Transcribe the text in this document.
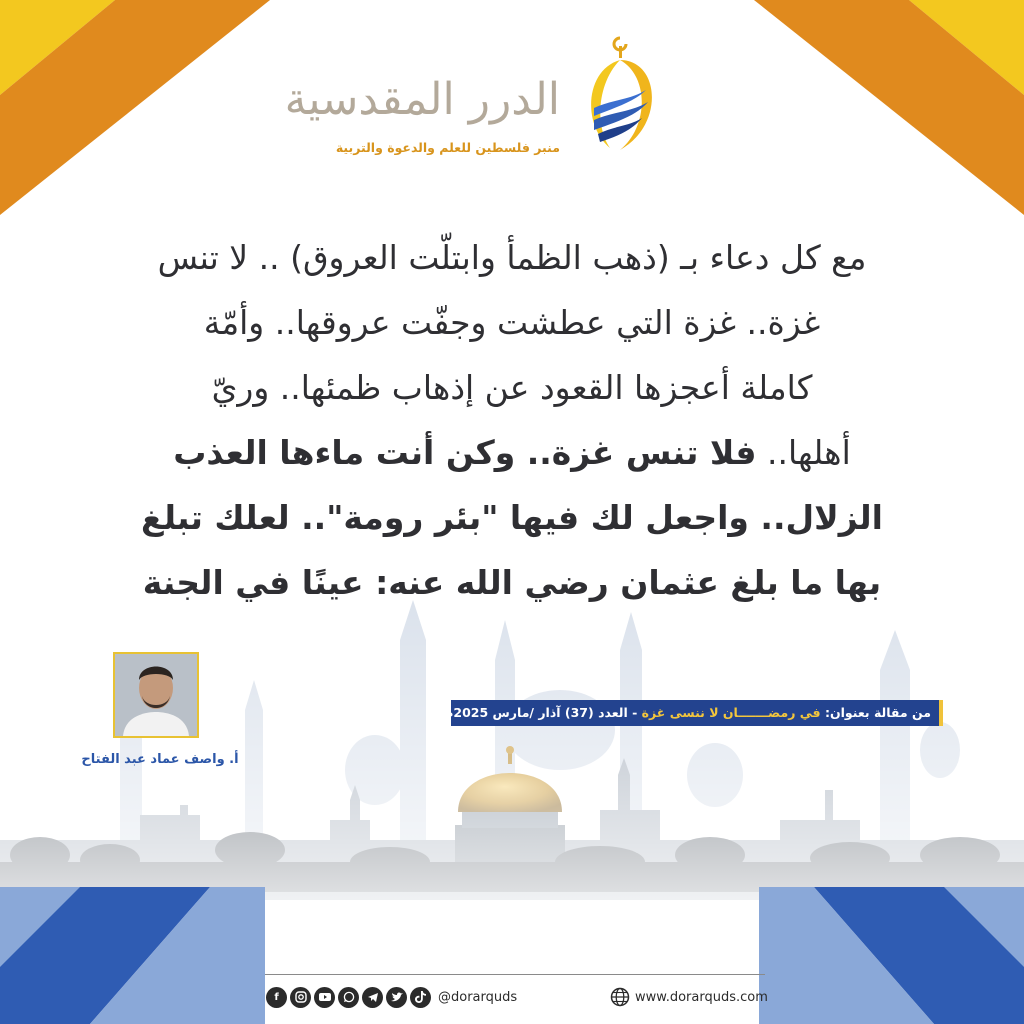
الدرر المقدسية
منبر فلسطين للعلم والدعوة والتربية
مع كل دعاء بـ (ذهب الظمأ وابتلّت العروق) .. لا تنس
غزة.. غزة التي عطشت وجفّت عروقها.. وأمّة
كاملة أعجزها القعود عن إذهاب ظمئها.. وريّ
أهلها.. فلا تنس غزة.. وكن أنت ماءها العذب
الزلال.. واجعل لك فيها "بئر رومة".. لعلك تبلغ
بها ما بلغ عثمان رضي الله عنه: عينًا في الجنة
أ. واصف عماد عبد الفتاح
من مقالة بعنوان: في رمضـــــــان لا ننسى غزة - العدد (37) آذار /مارس 2025م
f	@dorarquds	www.dorarquds.com
